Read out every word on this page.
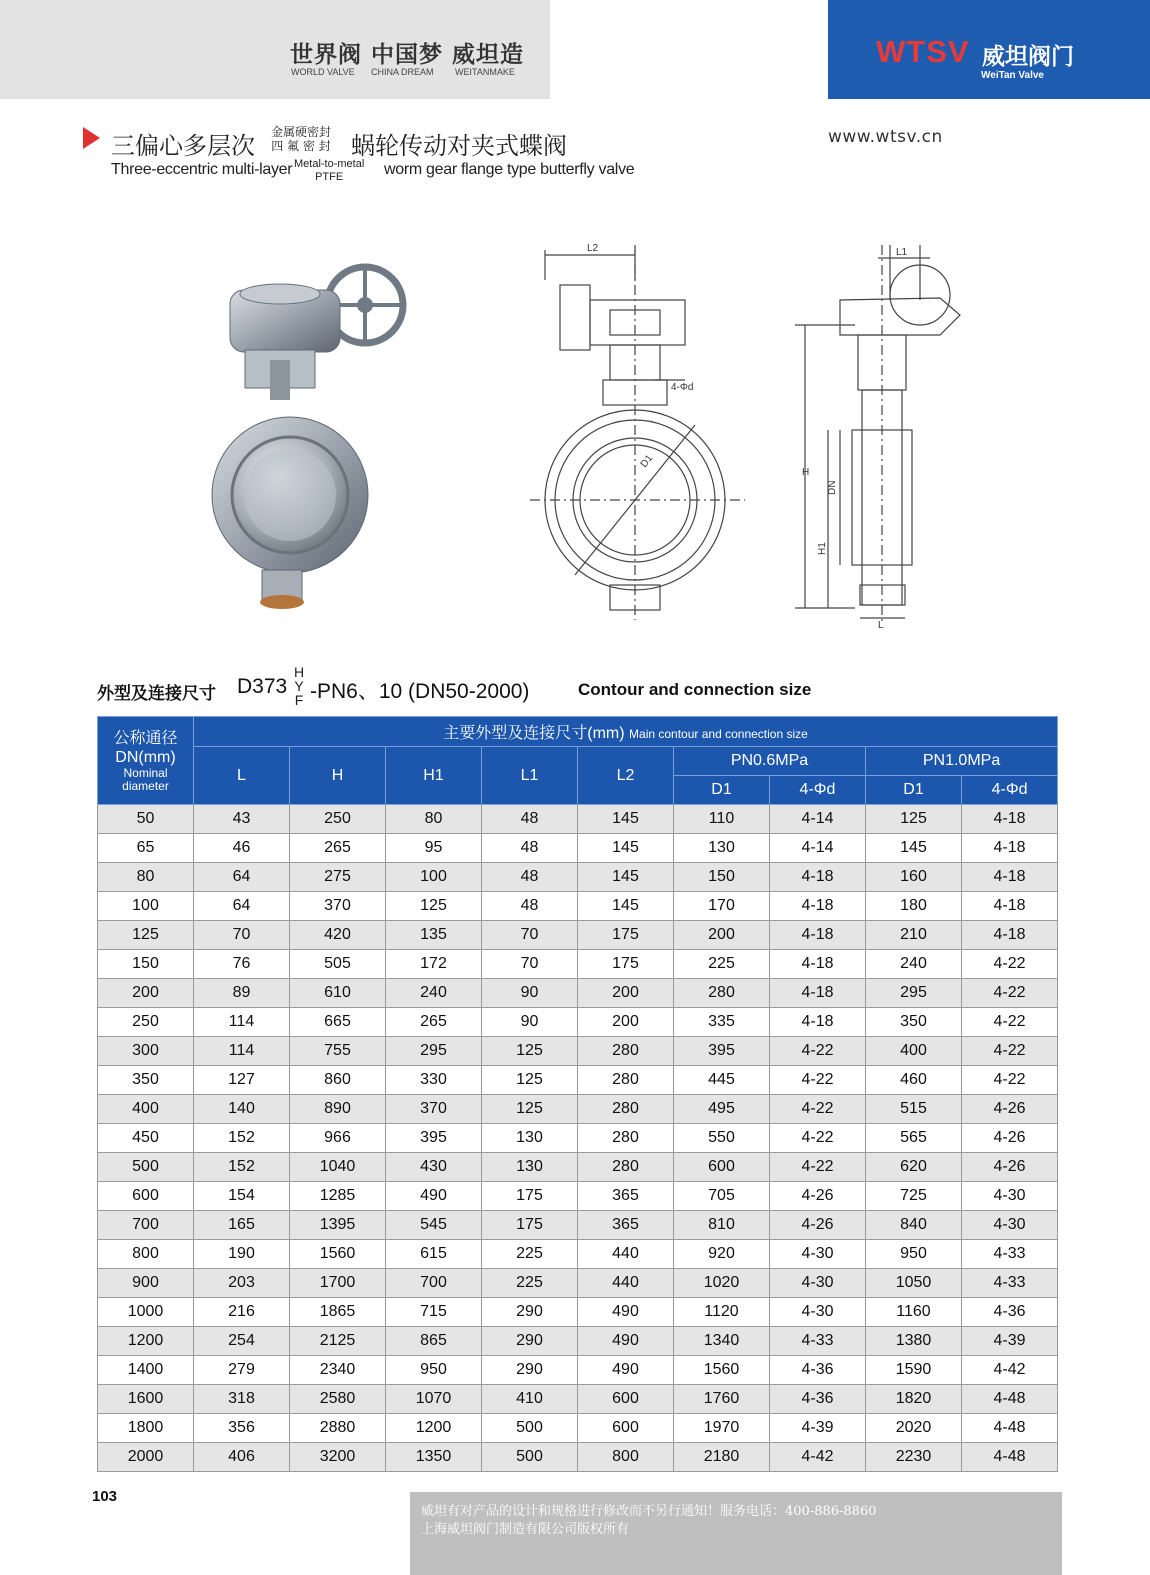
世界阀 中国梦 威坦造
WORLD VALVE CHINA DREAM WEITANMAKE
WTSV 威坦阀门
WeiTan Valve
三偏心多层次 金属硬密封
四 氟 密 封 蜗轮传动对夹式蝶阀
Three-eccentric multi-layer Metal-to-metal
PTFE	worm gear flange type butterfly valve
www.wtsv.cn
L2
4-Φd
D1
L1
H
DN
H1
L
外型及连接尺寸 D373
H
Y
F -PN6、10 (DN50-2000)	Contour and connection size
公称通径
DN(mm)
Nominal
diameter	主要外型及连接尺寸(mm) Main contour and connection size								
	L	H	H1	L1	L2	PN0.6MPa		PN1.0MPa	
						D1	4-Φd	D1	4-Φd
50	43	250	80	48	145	110	4-14	125	4-18
65	46	265	95	48	145	130	4-14	145	4-18
80	64	275	100	48	145	150	4-18	160	4-18
100	64	370	125	48	145	170	4-18	180	4-18
125	70	420	135	70	175	200	4-18	210	4-18
150	76	505	172	70	175	225	4-18	240	4-22
200	89	610	240	90	200	280	4-18	295	4-22
250	114	665	265	90	200	335	4-18	350	4-22
300	114	755	295	125	280	395	4-22	400	4-22
350	127	860	330	125	280	445	4-22	460	4-22
400	140	890	370	125	280	495	4-22	515	4-26
450	152	966	395	130	280	550	4-22	565	4-26
500	152	1040	430	130	280	600	4-22	620	4-26
600	154	1285	490	175	365	705	4-26	725	4-30
700	165	1395	545	175	365	810	4-26	840	4-30
800	190	1560	615	225	440	920	4-30	950	4-33
900	203	1700	700	225	440	1020	4-30	1050	4-33
1000	216	1865	715	290	490	1120	4-30	1160	4-36
1200	254	2125	865	290	490	1340	4-33	1380	4-39
1400	279	2340	950	290	490	1560	4-36	1590	4-42
1600	318	2580	1070	410	600	1760	4-36	1820	4-48
1800	356	2880	1200	500	600	1970	4-39	2020	4-48
2000	406	3200	1350	500	800	2180	4-42	2230	4-48
103
威坦有对产品的设计和规格进行修改而不另行通知！服务电话：400-886-8860
上海威坦阀门制造有限公司版权所有
